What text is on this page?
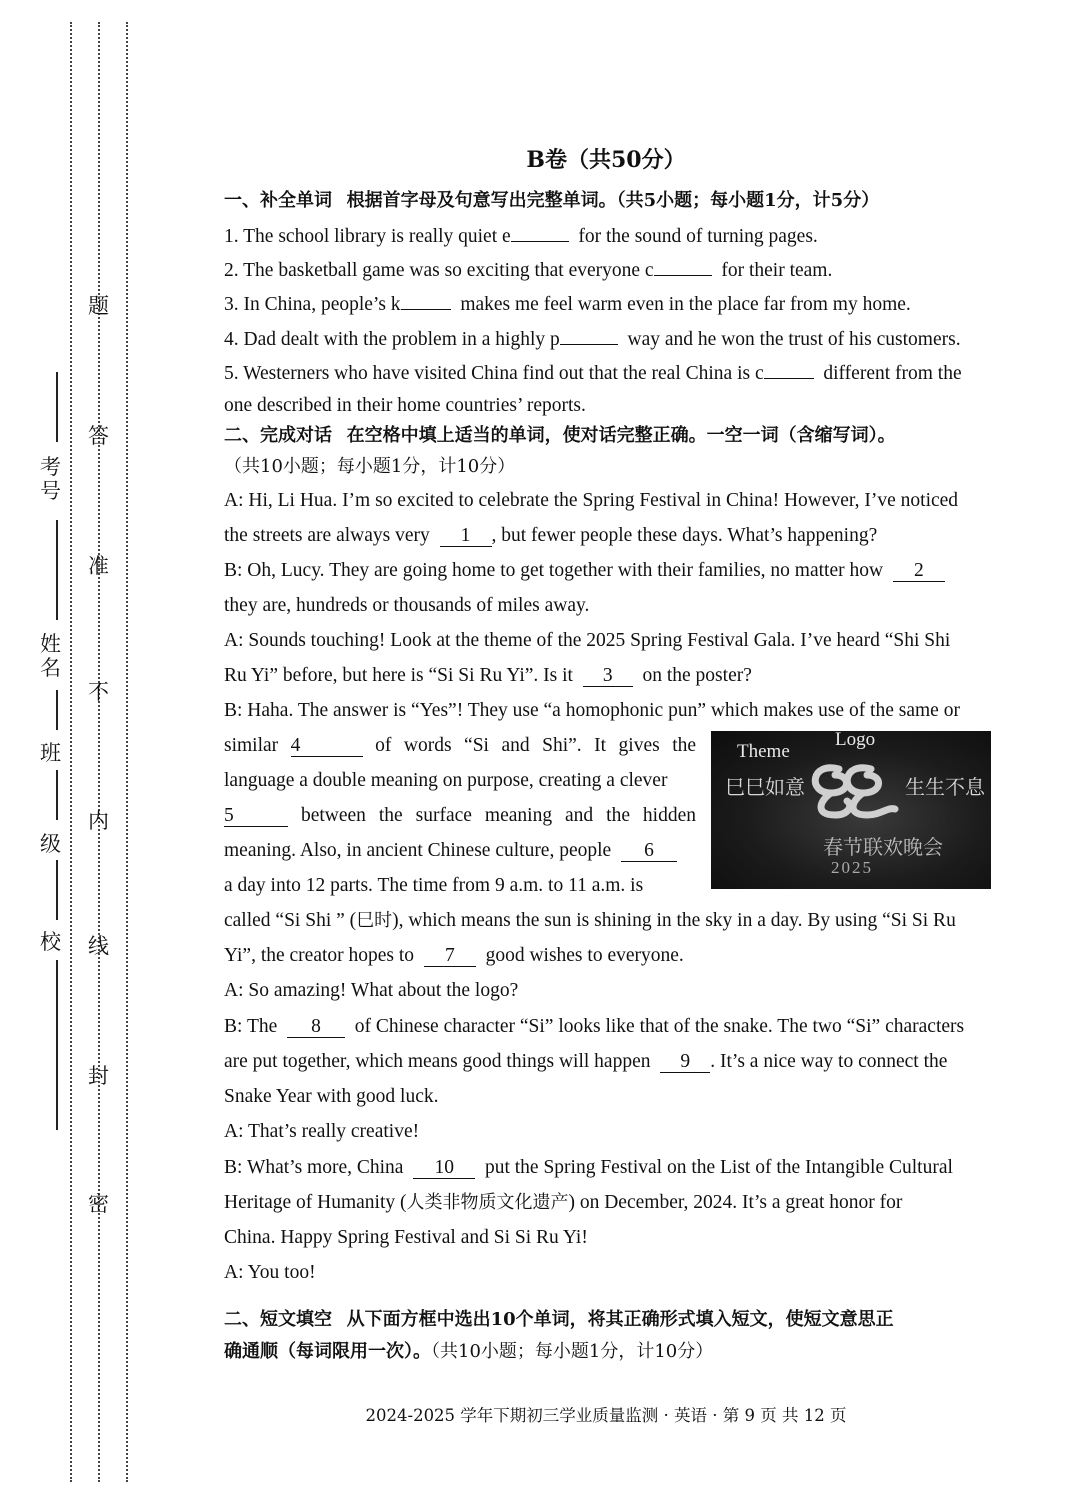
考号
姓名
班
级
校
题
答
准
不
内
线
封
密
B卷（共50分）
一、补全单词 根据首字母及句意写出完整单词。（共5小题；每小题1分，计5分）
1. The school library is really quiet e	for the sound of turning pages.
2. The basketball game was so exciting that everyone c	for their team.
3. In China, people’s k	makes me feel warm even in the place far from my home.
4. Dad dealt with the problem in a highly p	way and he won the trust of his customers.
5. Westerners who have visited China find out that the real China is c	different from the
one described in their home countries’ reports.
二、完成对话 在空格中填上适当的单词，使对话完整正确。一空一词（含缩写词）。
（共10小题；每小题1分，计10分）
A: Hi, Li Hua. I’m so excited to celebrate the Spring Festival in China! However, I’ve noticed
the streets are always very 1 , but fewer people these days. What’s happening?
B: Oh, Lucy. They are going home to get together with their families, no matter how 2
they are, hundreds or thousands of miles away.
A: Sounds touching! Look at the theme of the 2025 Spring Festival Gala. I’ve heard “Shi Shi
Ru Yi” before, but here is “Si Si Ru Yi”. Is it 3 on the poster?
B: Haha. The answer is “Yes”! They use “a homophonic pun” which makes use of the same or
similar 4	of words “Si and Shi”. It gives the
language a double meaning on purpose, creating a clever
5	between the surface meaning and the hidden
meaning. Also, in ancient Chinese culture, people 6
a day into 12 parts. The time from 9 a.m. to 11 a.m. is
called “Si Shi ” (巳时), which means the sun is shining in the sky in a day. By using “Si Si Ru
Yi”, the creator hopes to 7 good wishes to everyone.
A: So amazing! What about the logo?
B: The 8 of Chinese character “Si” looks like that of the snake. The two “Si” characters
are put together, which means good things will happen 9 . It’s a nice way to connect the
Snake Year with good luck.
A: That’s really creative!
B: What’s more, China 10 put the Spring Festival on the List of the Intangible Cultural
Heritage of Humanity (人类非物质文化遗产) on December, 2024. It’s a great honor for
China. Happy Spring Festival and Si Si Ru Yi!
A: You too!
二、短文填空 从下面方框中选出10个单词，将其正确形式填入短文，使短文意思正
确通顺（每词限用一次）。（共10小题；每小题1分，计10分）
Theme
Logo
巳巳如意	生生不息
春节联欢晚会
2025
2024-2025 学年下期初三学业质量监测 · 英语 · 第 9 页 共 12 页
